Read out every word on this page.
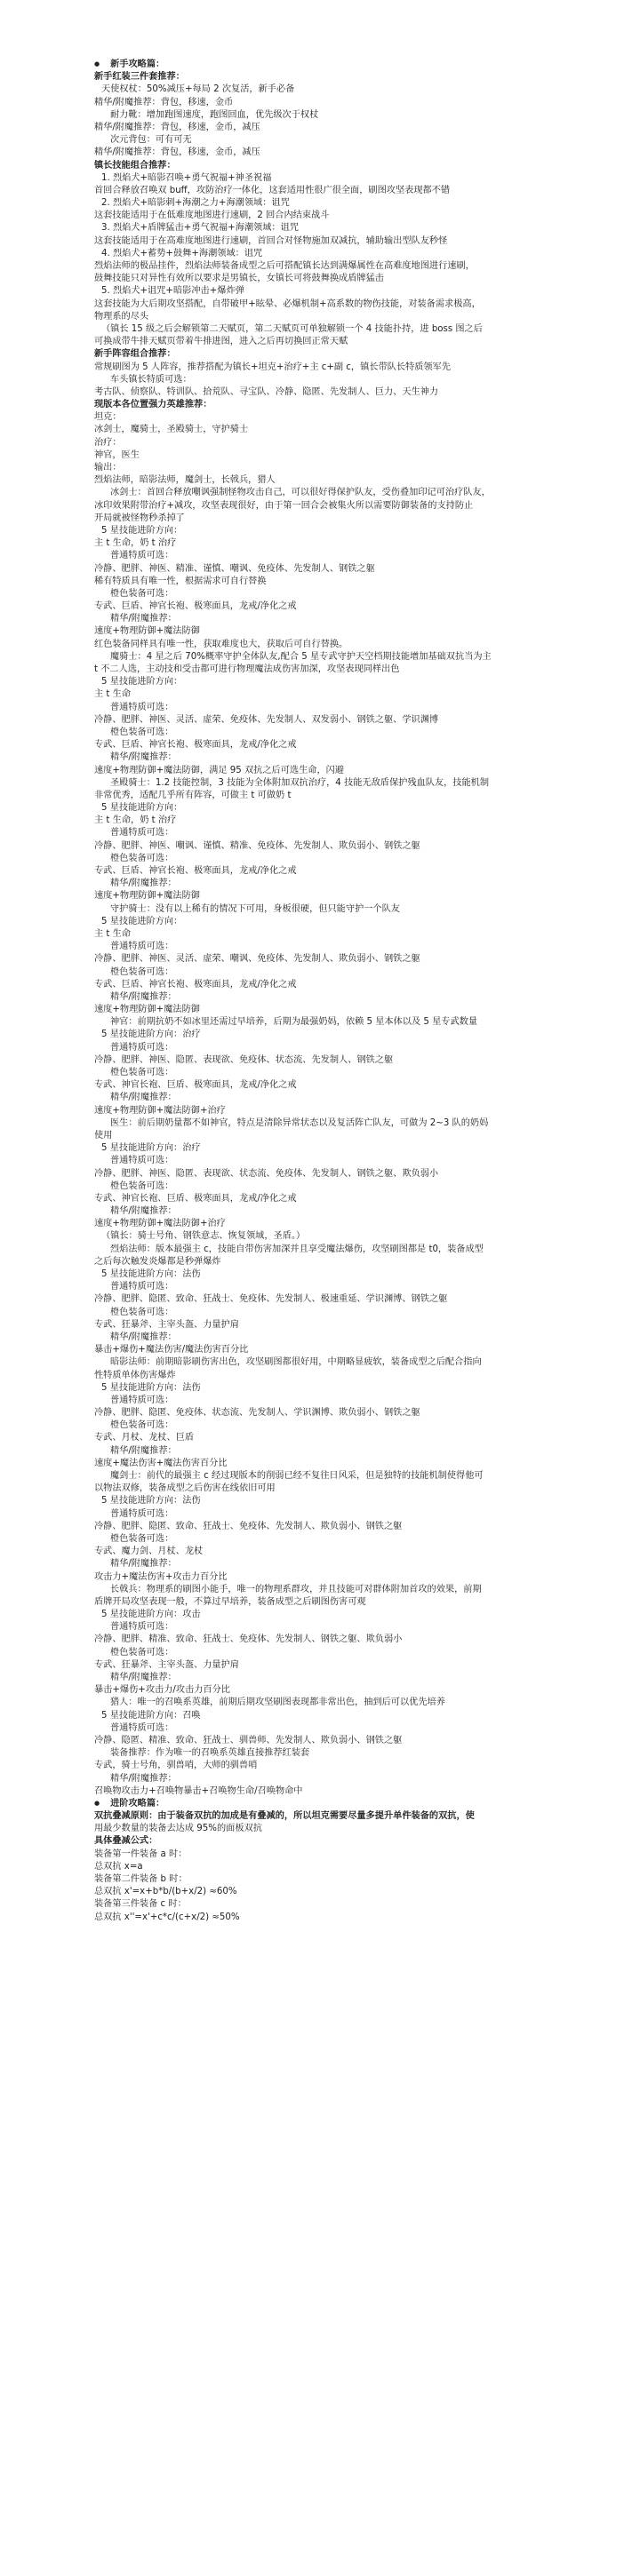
● 新手攻略篇：
新手红装三件套推荐：
天使权杖：50%减压+每局 2 次复活，新手必备
精华/附魔推荐：背包，移速，金币
耐力靴：增加跑图速度，跑图回血，优先级次于权杖
精华/附魔推荐：背包，移速，金币，减压
次元背包：可有可无
精华/附魔推荐：背包，移速，金币，减压
镇长技能组合推荐：
1. 烈焰犬+暗影召唤+勇气祝福+神圣祝福
首回合释放召唤双 buff，攻防治疗一体化，这套适用性很广很全面，刷图攻坚表现都不错
2. 烈焰犬+暗影刺+海潮之力+海潮领域：诅咒
这套技能适用于在低难度地图进行速刷，2 回合内结束战斗
3. 烈焰犬+盾牌猛击+勇气祝福+海潮领域：诅咒
这套技能适用于在高难度地图进行速刷，首回合对怪物施加双减抗，辅助输出型队友秒怪
4. 烈焰犬+蓄势+鼓舞+海潮领域：诅咒
烈焰法师的极品挂件，烈焰法师装备成型之后可搭配镇长达到满爆属性在高难度地图进行速刷，
鼓舞技能只对异性有效所以要求是男镇长，女镇长可将鼓舞换成盾牌猛击
5. 烈焰犬+诅咒+暗影冲击+爆炸弹
这套技能为大后期攻坚搭配，自带破甲+眩晕、必爆机制+高系数的物伤技能，对装备需求极高，
物理系的尽头
（镇长 15 级之后会解锁第二天赋页，第二天赋页可单独解锁一个 4 技能扑持，进 boss 图之后
可换成带牛排天赋页带着牛排进图，进入之后再切换回正常天赋
新手阵容组合推荐：
常规刷图为 5 人阵容，推荐搭配为镇长+坦克+治疗+主 c+副 c，镇长带队长特质领军先
车头镇长特质可选：
考古队、侦察队、特训队、拾荒队、寻宝队、冷静、隐匿、先发制人、巨力、天生神力
现版本各位置强力英雄推荐：
坦克：
冰剑士，魔骑士，圣殿骑士，守护骑士
治疗：
神官，医生
输出：
烈焰法师，暗影法师，魔剑士，长戟兵，猎人
冰剑士：首回合释放嘲讽强制怪物攻击自己，可以很好得保护队友，受伤叠加印记可治疗队友，
冰印效果附带治疗+减攻，攻坚表现很好，由于第一回合会被集火所以需要防御装备的支持防止
开局就被怪物秒杀掉了
5 星技能进阶方向：
主 t 生命，奶 t 治疗
普通特质可选：
冷静、肥胖、神医、精准、谨慎、嘲讽、免疫体、先发制人、钢铁之躯
稀有特质具有唯一性，根据需求可自行替换
橙色装备可选：
专武、巨盾、神官长袍、极寒面具，龙戒/净化之戒
精华/附魔推荐：
速度+物理防御+魔法防御
红色装备同样具有唯一性，获取难度也大，获取后可自行替换。
魔骑士：4 星之后 70%概率守护全体队友,配合 5 星专武守护天空档期技能增加基础双抗当为主
t 不二人选，主动技和受击都可进行物理魔法成伤害加深，攻坚表现同样出色
5 星技能进阶方向：
主 t 生命
普通特质可选：
冷静、肥胖、神医、灵活、虚荣、免疫体、先发制人、双发弱小、钢铁之躯、学识渊博
橙色装备可选：
专武、巨盾、神官长袍、极寒面具，龙戒/净化之戒
精华/附魔推荐：
速度+物理防御+魔法防御，满足 95 双抗之后可选生命，闪避
圣殿骑士：1.2 技能控制，3 技能为全体附加双抗治疗，4 技能无敌盾保护残血队友，技能机制
非常优秀，适配几乎所有阵容，可做主 t 可做奶 t
5 星技能进阶方向：
主 t 生命，奶 t 治疗
普通特质可选：
冷静、肥胖、神医、嘲讽、谨慎、精准、免疫体、先发制人、欺负弱小、钢铁之躯
橙色装备可选：
专武、巨盾、神官长袍、极寒面具，龙戒/净化之戒
精华/附魔推荐：
速度+物理防御+魔法防御
守护骑士：没有以上稀有的情况下可用，身板很硬，但只能守护一个队友
5 星技能进阶方向：
主 t 生命
普通特质可选：
冷静、肥胖、神医、灵活、虚荣、嘲讽、免疫体、先发制人、欺负弱小、钢铁之躯
橙色装备可选：
专武、巨盾、神官长袍、极寒面具，龙戒/净化之戒
精华/附魔推荐：
速度+物理防御+魔法防御
神官：前期抗奶不如冰里还需过早培养，后期为最强奶妈，依赖 5 星本体以及 5 星专武数量
5 星技能进阶方向：治疗
普通特质可选：
冷静、肥胖、神医、隐匿、表现欲、免疫体、状态流、先发制人、钢铁之躯
橙色装备可选：
专武、神官长袍、巨盾、极寒面具，龙戒/净化之戒
精华/附魔推荐：
速度+物理防御+魔法防御+治疗
医生：前后期奶量都不如神官，特点是清除异常状态以及复活阵亡队友，可做为 2~3 队的奶妈
使用
5 星技能进阶方向：治疗
普通特质可选：
冷静、肥胖、神医、隐匿、表现欲、状态流、免疫体、先发制人、钢铁之躯、欺负弱小
橙色装备可选：
专武、神官长袍、巨盾、极寒面具，龙戒/净化之戒
精华/附魔推荐：
速度+物理防御+魔法防御+治疗
（镇长：骑士号角、钢铁意志、恢复领域，圣盾。）
烈焰法师：版本最强主 c，技能自带伤害加深并且享受魔法爆伤，攻坚刷图都是 t0，装备成型
之后每次触发炎爆都是秒弹爆炸
5 星技能进阶方向：法伤
普通特质可选：
冷静、肥胖、隐匿、致命、狂战士、免疫体、先发制人、极速重延、学识渊博、钢铁之躯
橙色装备可选：
专武、狂暴斧、主宰头盔、力量护肩
精华/附魔推荐：
暴击+爆伤+魔法伤害/魔法伤害百分比
暗影法师：前期暗影刷伤害出色，攻坚刷图都很好用，中期略显疲软，装备成型之后配合指向
性特质单体伤害爆炸
5 星技能进阶方向：法伤
普通特质可选：
冷静、肥胖、隐匿、免疫体、状态流、先发制人、学识渊博、欺负弱小、钢铁之躯
橙色装备可选：
专武、月杖、龙杖、巨盾
精华/附魔推荐：
速度+魔法伤害+魔法伤害百分比
魔剑士：前代的最强主 c 经过现版本的削弱已经不复往日风采，但是独特的技能机制使得他可
以物法双修，装备成型之后伤害在线依旧可用
5 星技能进阶方向：法伤
普通特质可选：
冷静、肥胖、隐匿、致命、狂战士、免疫体、先发制人、欺负弱小、钢铁之躯
橙色装备可选：
专武、魔力剑、月杖、龙杖
精华/附魔推荐：
攻击力+魔法伤害+攻击力百分比
长戟兵：物理系的刷图小能手，唯一的物理系群攻，并且技能可对群体附加首攻的效果，前期
盾牌开局攻坚表现一般，不算过早培养，装备成型之后刷图伤害可观
5 星技能进阶方向：攻击
普通特质可选：
冷静、肥胖、精准、致命、狂战士、免疫体、先发制人、钢铁之躯、欺负弱小
橙色装备可选：
专武、狂暴斧、主宰头盔、力量护肩
精华/附魔推荐：
暴击+爆伤+攻击力/攻击力百分比
猎人：唯一的召唤系英雄，前期后期攻坚刷图表现都非常出色，抽到后可以优先培养
5 星技能进阶方向：召唤
普通特质可选：
冷静、隐匿、精准、致命、狂战士、驯兽师、先发制人、欺负弱小、钢铁之躯
装备推荐：作为唯一的召唤系英雄直接推荐红装套
专武，骑士号角，驯兽哨，大师的驯兽哨
精华/附魔推荐：
召唤物攻击力+召唤物暴击+召唤物生命/召唤物命中
● 进阶攻略篇：
双抗叠减原则：由于装备双抗的加成是有叠减的，所以坦克需要尽量多提升单件装备的双抗，使
用最少数量的装备去达成 95%的面板双抗
具体叠减公式：
装备第一件装备 a 时：
总双抗 x=a
装备第二件装备 b 时：
总双抗 x'=x+b*b/(b+x/2) ≈60%
装备第三件装备 c 时：
总双抗 x''=x'+c*c/(c+x/2) ≈50%
